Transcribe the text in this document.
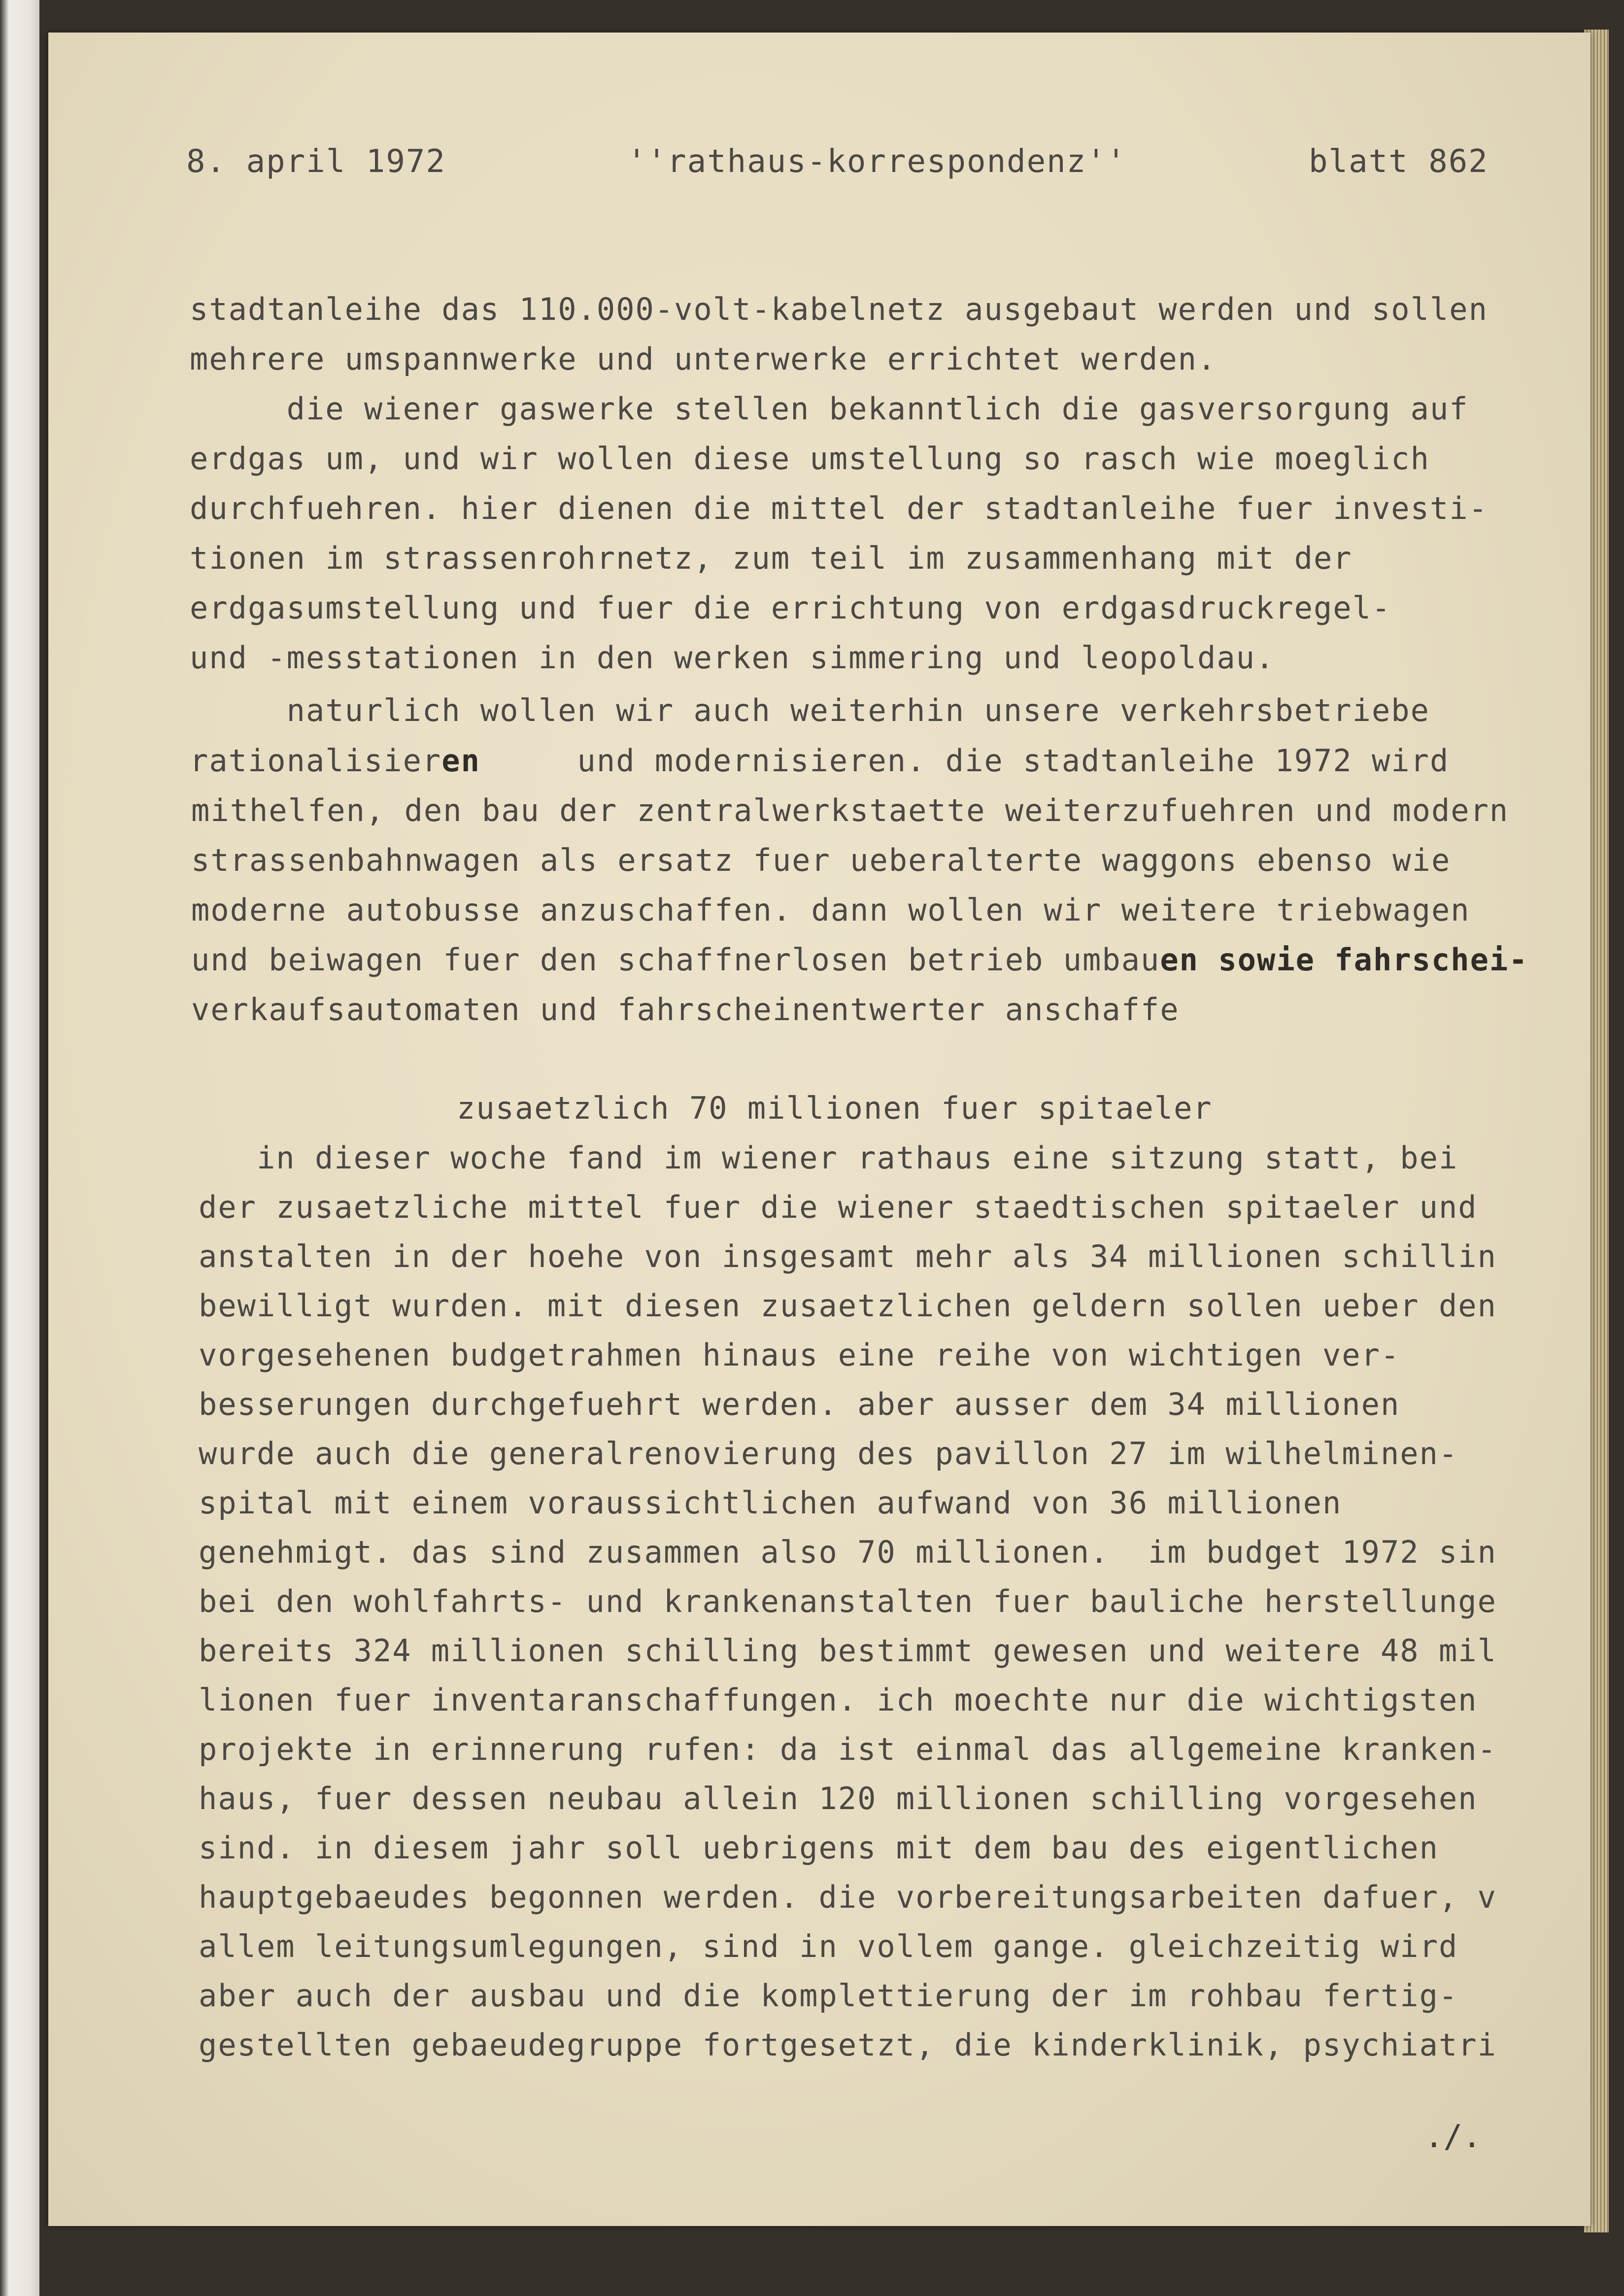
8. april 1972	''rathaus-korrespondenz''	blatt 862
stadtanleihe das 110.000-volt-kabelnetz ausgebaut werden und sollen
mehrere umspannwerke und unterwerke errichtet werden.
die wiener gaswerke stellen bekanntlich die gasversorgung auf
erdgas um, und wir wollen diese umstellung so rasch wie moeglich
durchfuehren. hier dienen die mittel der stadtanleihe fuer investi-
tionen im strassenrohrnetz, zum teil im zusammenhang mit der
erdgasumstellung und fuer die errichtung von erdgasdruckregel-
und -messtationen in den werken simmering und leopoldau.
naturlich wollen wir auch weiterhin unsere verkehrsbetriebe
rationalisieren     und modernisieren. die stadtanleihe 1972 wird
mithelfen, den bau der zentralwerkstaette weiterzufuehren und modern
strassenbahnwagen als ersatz fuer ueberalterte waggons ebenso wie
moderne autobusse anzuschaffen. dann wollen wir weitere triebwagen
und beiwagen fuer den schaffnerlosen betrieb umbauen sowie fahrschei-
verkaufsautomaten und fahrscheinentwerter anschaffe
zusaetzlich 70 millionen fuer spitaeler
in dieser woche fand im wiener rathaus eine sitzung statt, bei
der zusaetzliche mittel fuer die wiener staedtischen spitaeler und
anstalten in der hoehe von insgesamt mehr als 34 millionen schillin
bewilligt wurden. mit diesen zusaetzlichen geldern sollen ueber den
vorgesehenen budgetrahmen hinaus eine reihe von wichtigen ver-
besserungen durchgefuehrt werden. aber ausser dem 34 millionen
wurde auch die generalrenovierung des pavillon 27 im wilhelminen-
spital mit einem voraussichtlichen aufwand von 36 millionen
genehmigt. das sind zusammen also 70 millionen.  im budget 1972 sin
bei den wohlfahrts- und krankenanstalten fuer bauliche herstellunge
bereits 324 millionen schilling bestimmt gewesen und weitere 48 mil
lionen fuer inventaranschaffungen. ich moechte nur die wichtigsten
projekte in erinnerung rufen: da ist einmal das allgemeine kranken-
haus, fuer dessen neubau allein 120 millionen schilling vorgesehen
sind. in diesem jahr soll uebrigens mit dem bau des eigentlichen
hauptgebaeudes begonnen werden. die vorbereitungsarbeiten dafuer, v
allem leitungsumlegungen, sind in vollem gange. gleichzeitig wird
aber auch der ausbau und die komplettierung der im rohbau fertig-
gestellten gebaeudegruppe fortgesetzt, die kinderklinik, psychiatri
./.
